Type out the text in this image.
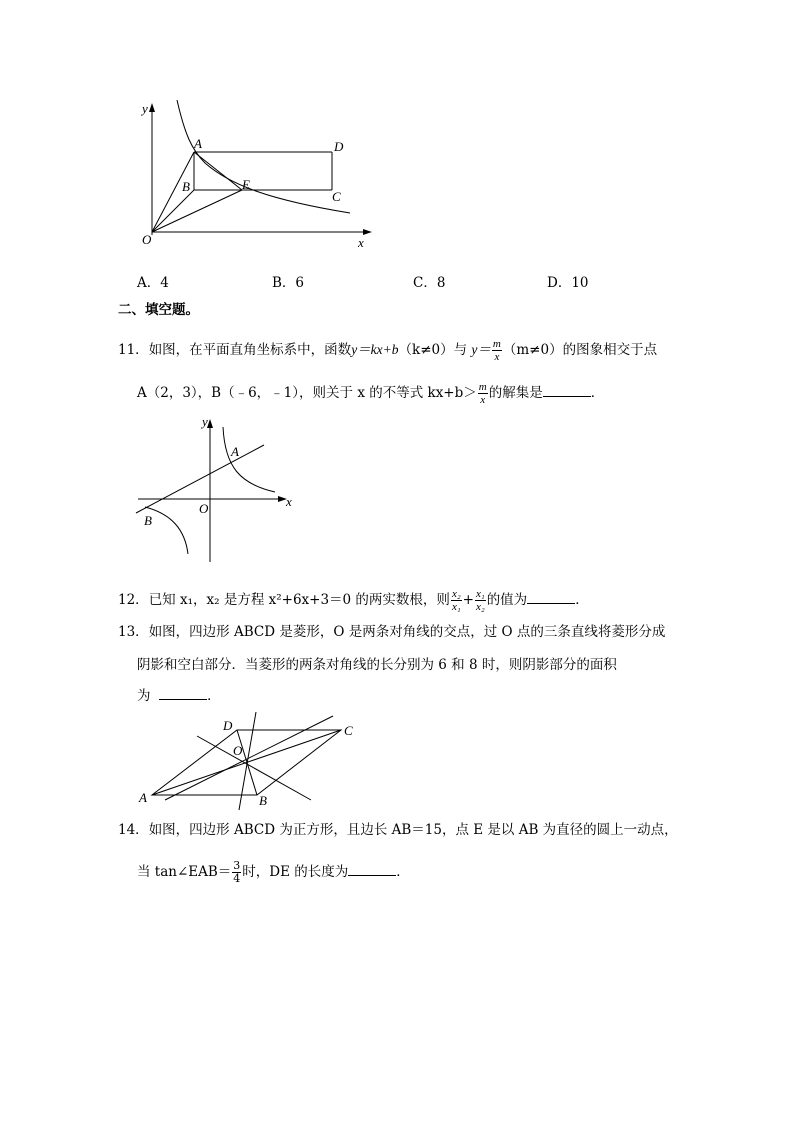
y
x
O
A
B
D
C
E
A．4	B．6	C．8	D．10
二、填空题。
11．如图，在平面直角坐标系中，函数y＝kx+b（k≠0）与 $y= \frac{m}{x} (m\ne 0)$的图象相交于点
A（2，3），B（﹣6，﹣1），则关于 x 的不等式 $kx+b> \frac{m}{x}$ 的解集是	．
y
x
O
A
B
12．已知 x₁，x₂ 是方程 x²+6x+3＝0 的两实数根，则 $\frac{\text{x₂}}{\text{x₁}} + \frac{\text{x₁}}{\text{x₂}}$ 的值为	．
13．如图，四边形 ABCD 是菱形，O 是两条对角线的交点，过 O 点的三条直线将菱形分成
阴影和空白部分．当菱形的两条对角线的长分别为 6 和 8 时，则阴影部分的面积
为	．
A	B
C
D
O
14．如图，四边形 ABCD 为正方形，且边长 AB＝15，点 E 是以 AB 为直径的圆上一动点，
当 tan∠EAB＝ $\frac{3}{4}$ 时，DE 的长度为	．
